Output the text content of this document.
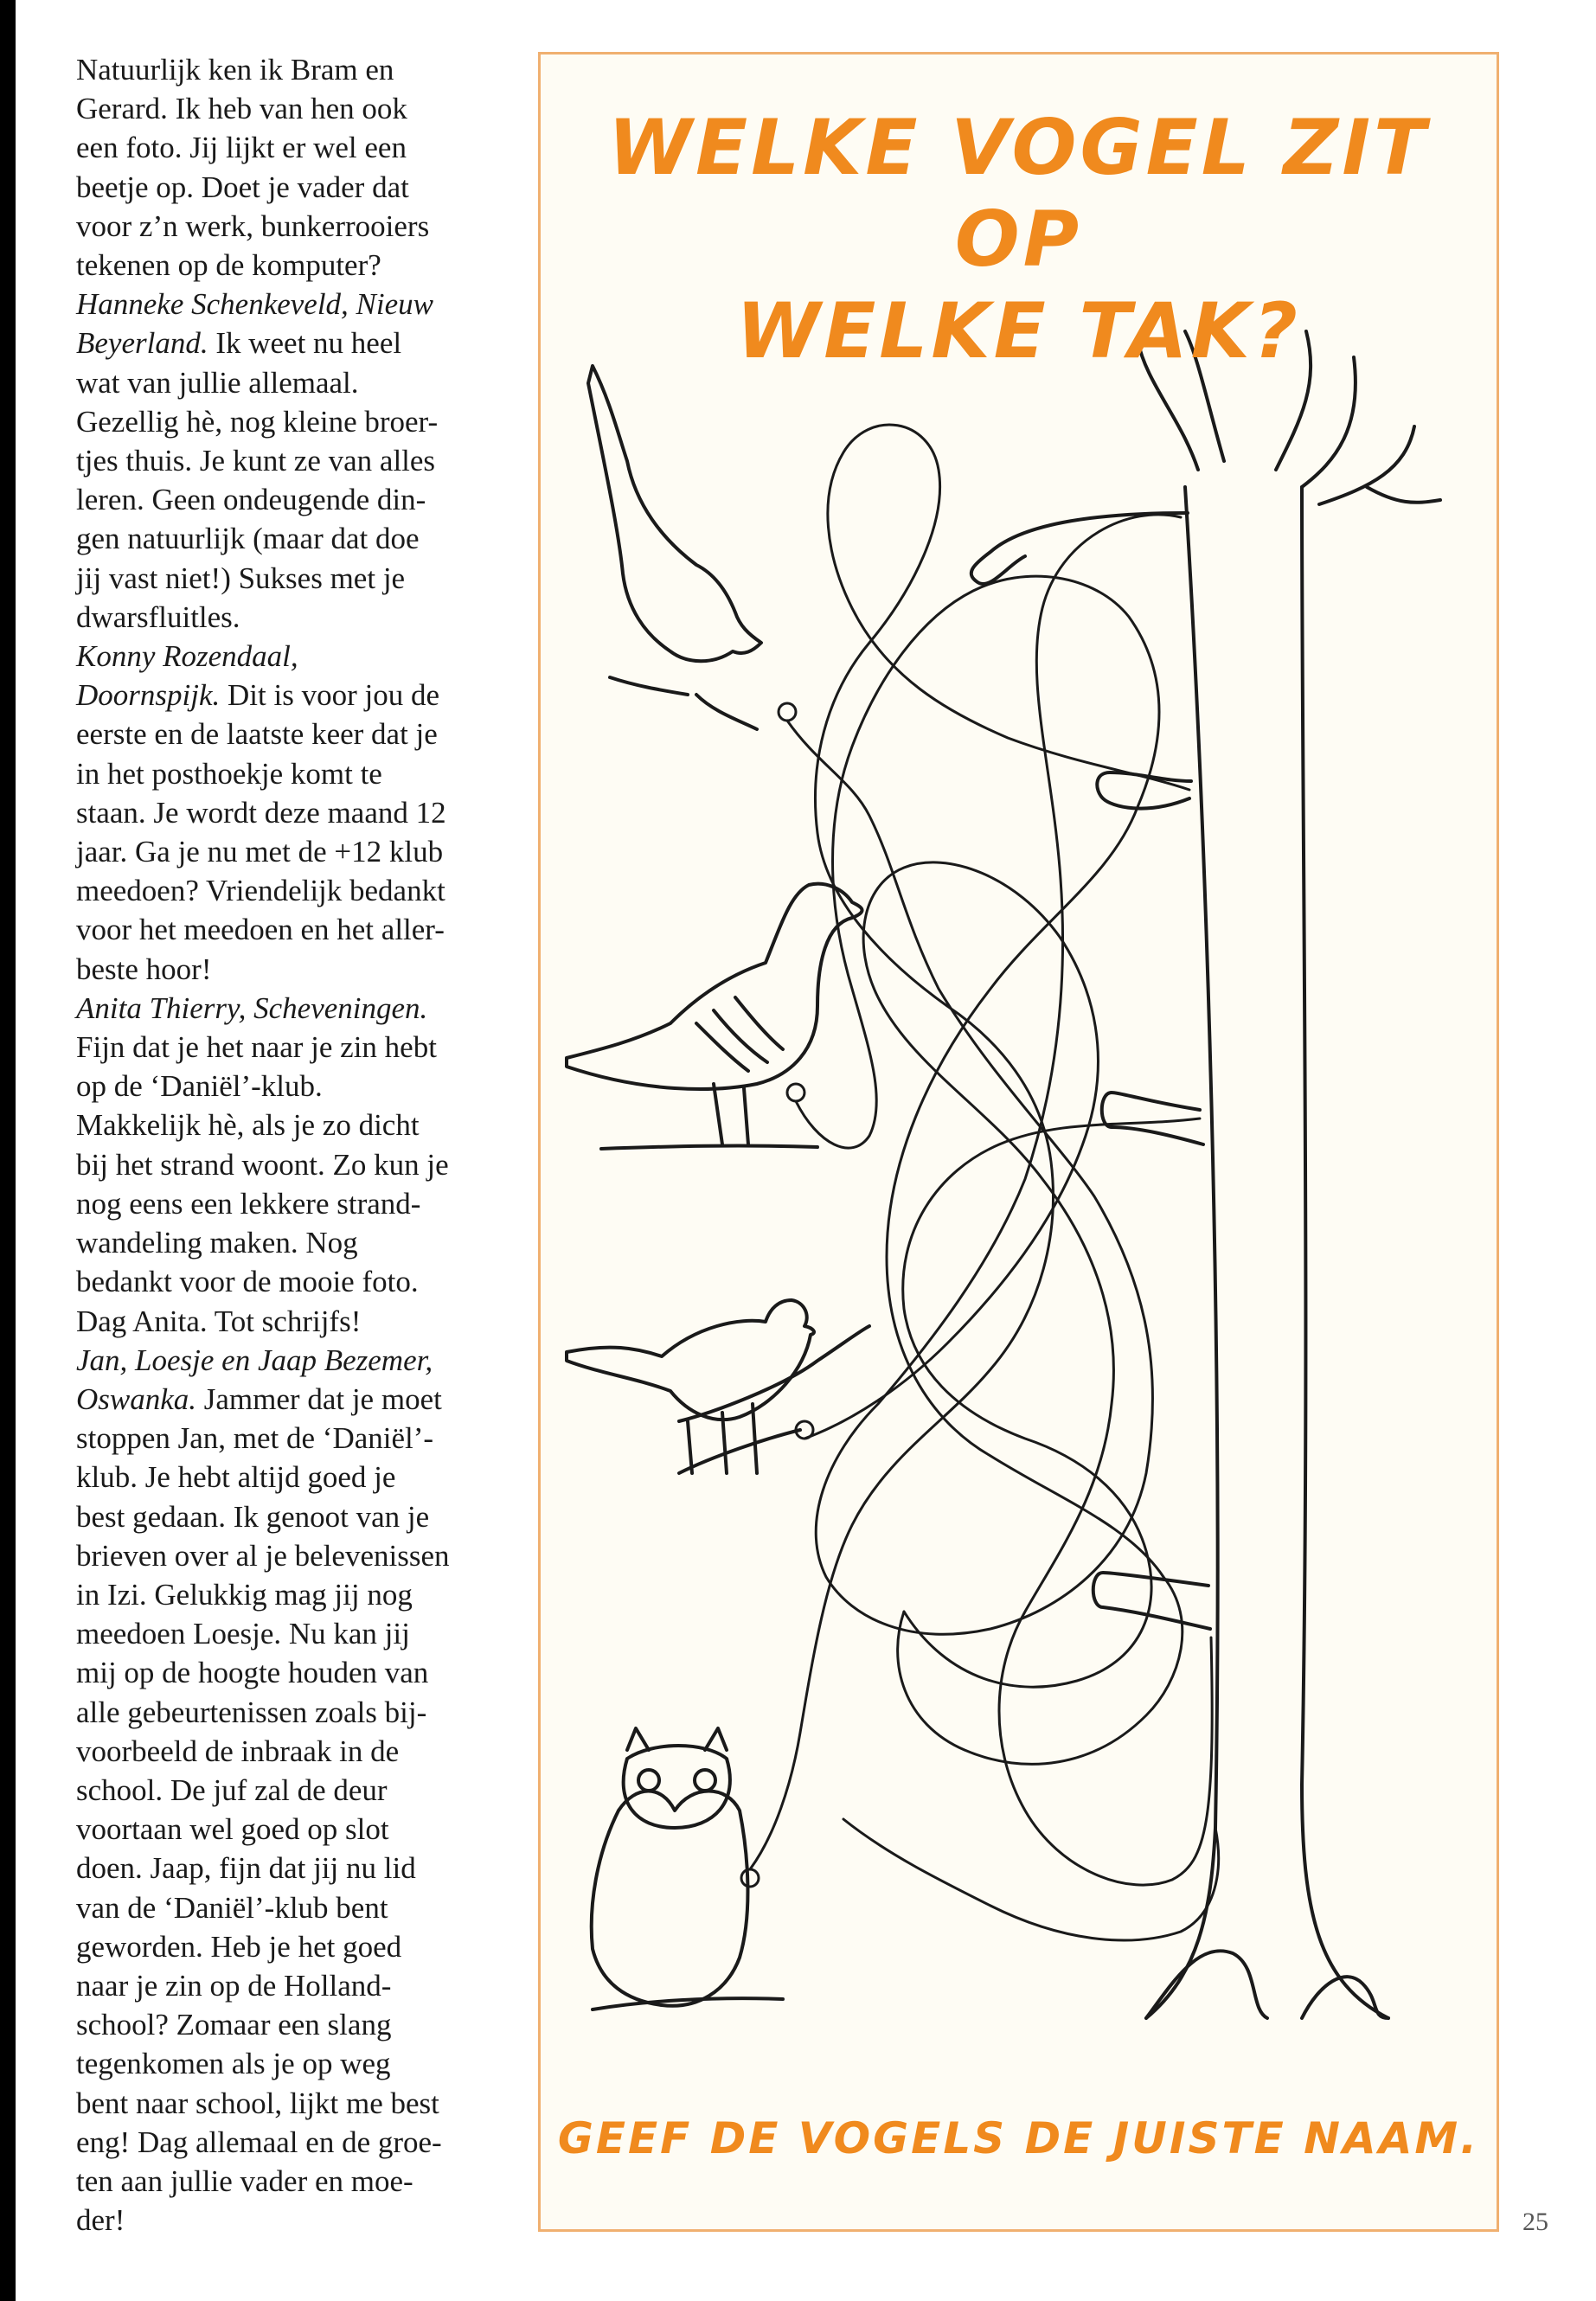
Natuurlijk ken ik Bram en

Gerard. Ik heb van hen ook

een foto. Jij lijkt er wel een

beetje op. Doet je vader dat

voor z’n werk, bunkerrooiers

tekenen op de komputer?

Hanneke Schenkeveld, Nieuw

Beyerland. Ik weet nu heel

wat van jullie allemaal.

Gezellig hè, nog kleine broer-

tjes thuis. Je kunt ze van alles

leren. Geen ondeugende din-

gen natuurlijk (maar dat doe

jij vast niet!) Sukses met je

dwarsfluitles.

Konny Rozendaal,

Doornspijk. Dit is voor jou de

eerste en de laatste keer dat je

in het posthoekje komt te

staan. Je wordt deze maand 12

jaar. Ga je nu met de +12 klub

meedoen? Vriendelijk bedankt

voor het meedoen en het aller-

beste hoor!

Anita Thierry, Scheveningen.

Fijn dat je het naar je zin hebt

op de ‘Daniël’-klub.

Makkelijk hè, als je zo dicht

bij het strand woont. Zo kun je

nog eens een lekkere strand-

wandeling maken. Nog

bedankt voor de mooie foto.

Dag Anita. Tot schrijfs!

Jan, Loesje en Jaap Bezemer,

Oswanka. Jammer dat je moet

stoppen Jan, met de ‘Daniël’-

klub. Je hebt altijd goed je

best gedaan. Ik genoot van je

brieven over al je belevenissen

in Izi. Gelukkig mag jij nog

meedoen Loesje. Nu kan jij

mij op de hoogte houden van

alle gebeurtenissen zoals bij-

voorbeeld de inbraak in de

school. De juf zal de deur

voortaan wel goed op slot

doen. Jaap, fijn dat jij nu lid

van de ‘Daniël’-klub bent

geworden. Heb je het goed

naar je zin op de Holland-

school? Zomaar een slang

tegenkomen als je op weg

bent naar school, lijkt me best

eng! Dag allemaal en de groe-

ten aan jullie vader en moe-

der!

WELKE VOGEL ZIT OP
WELKE TAK?
GEEF DE VOGELS DE JUISTE NAAM.
25
